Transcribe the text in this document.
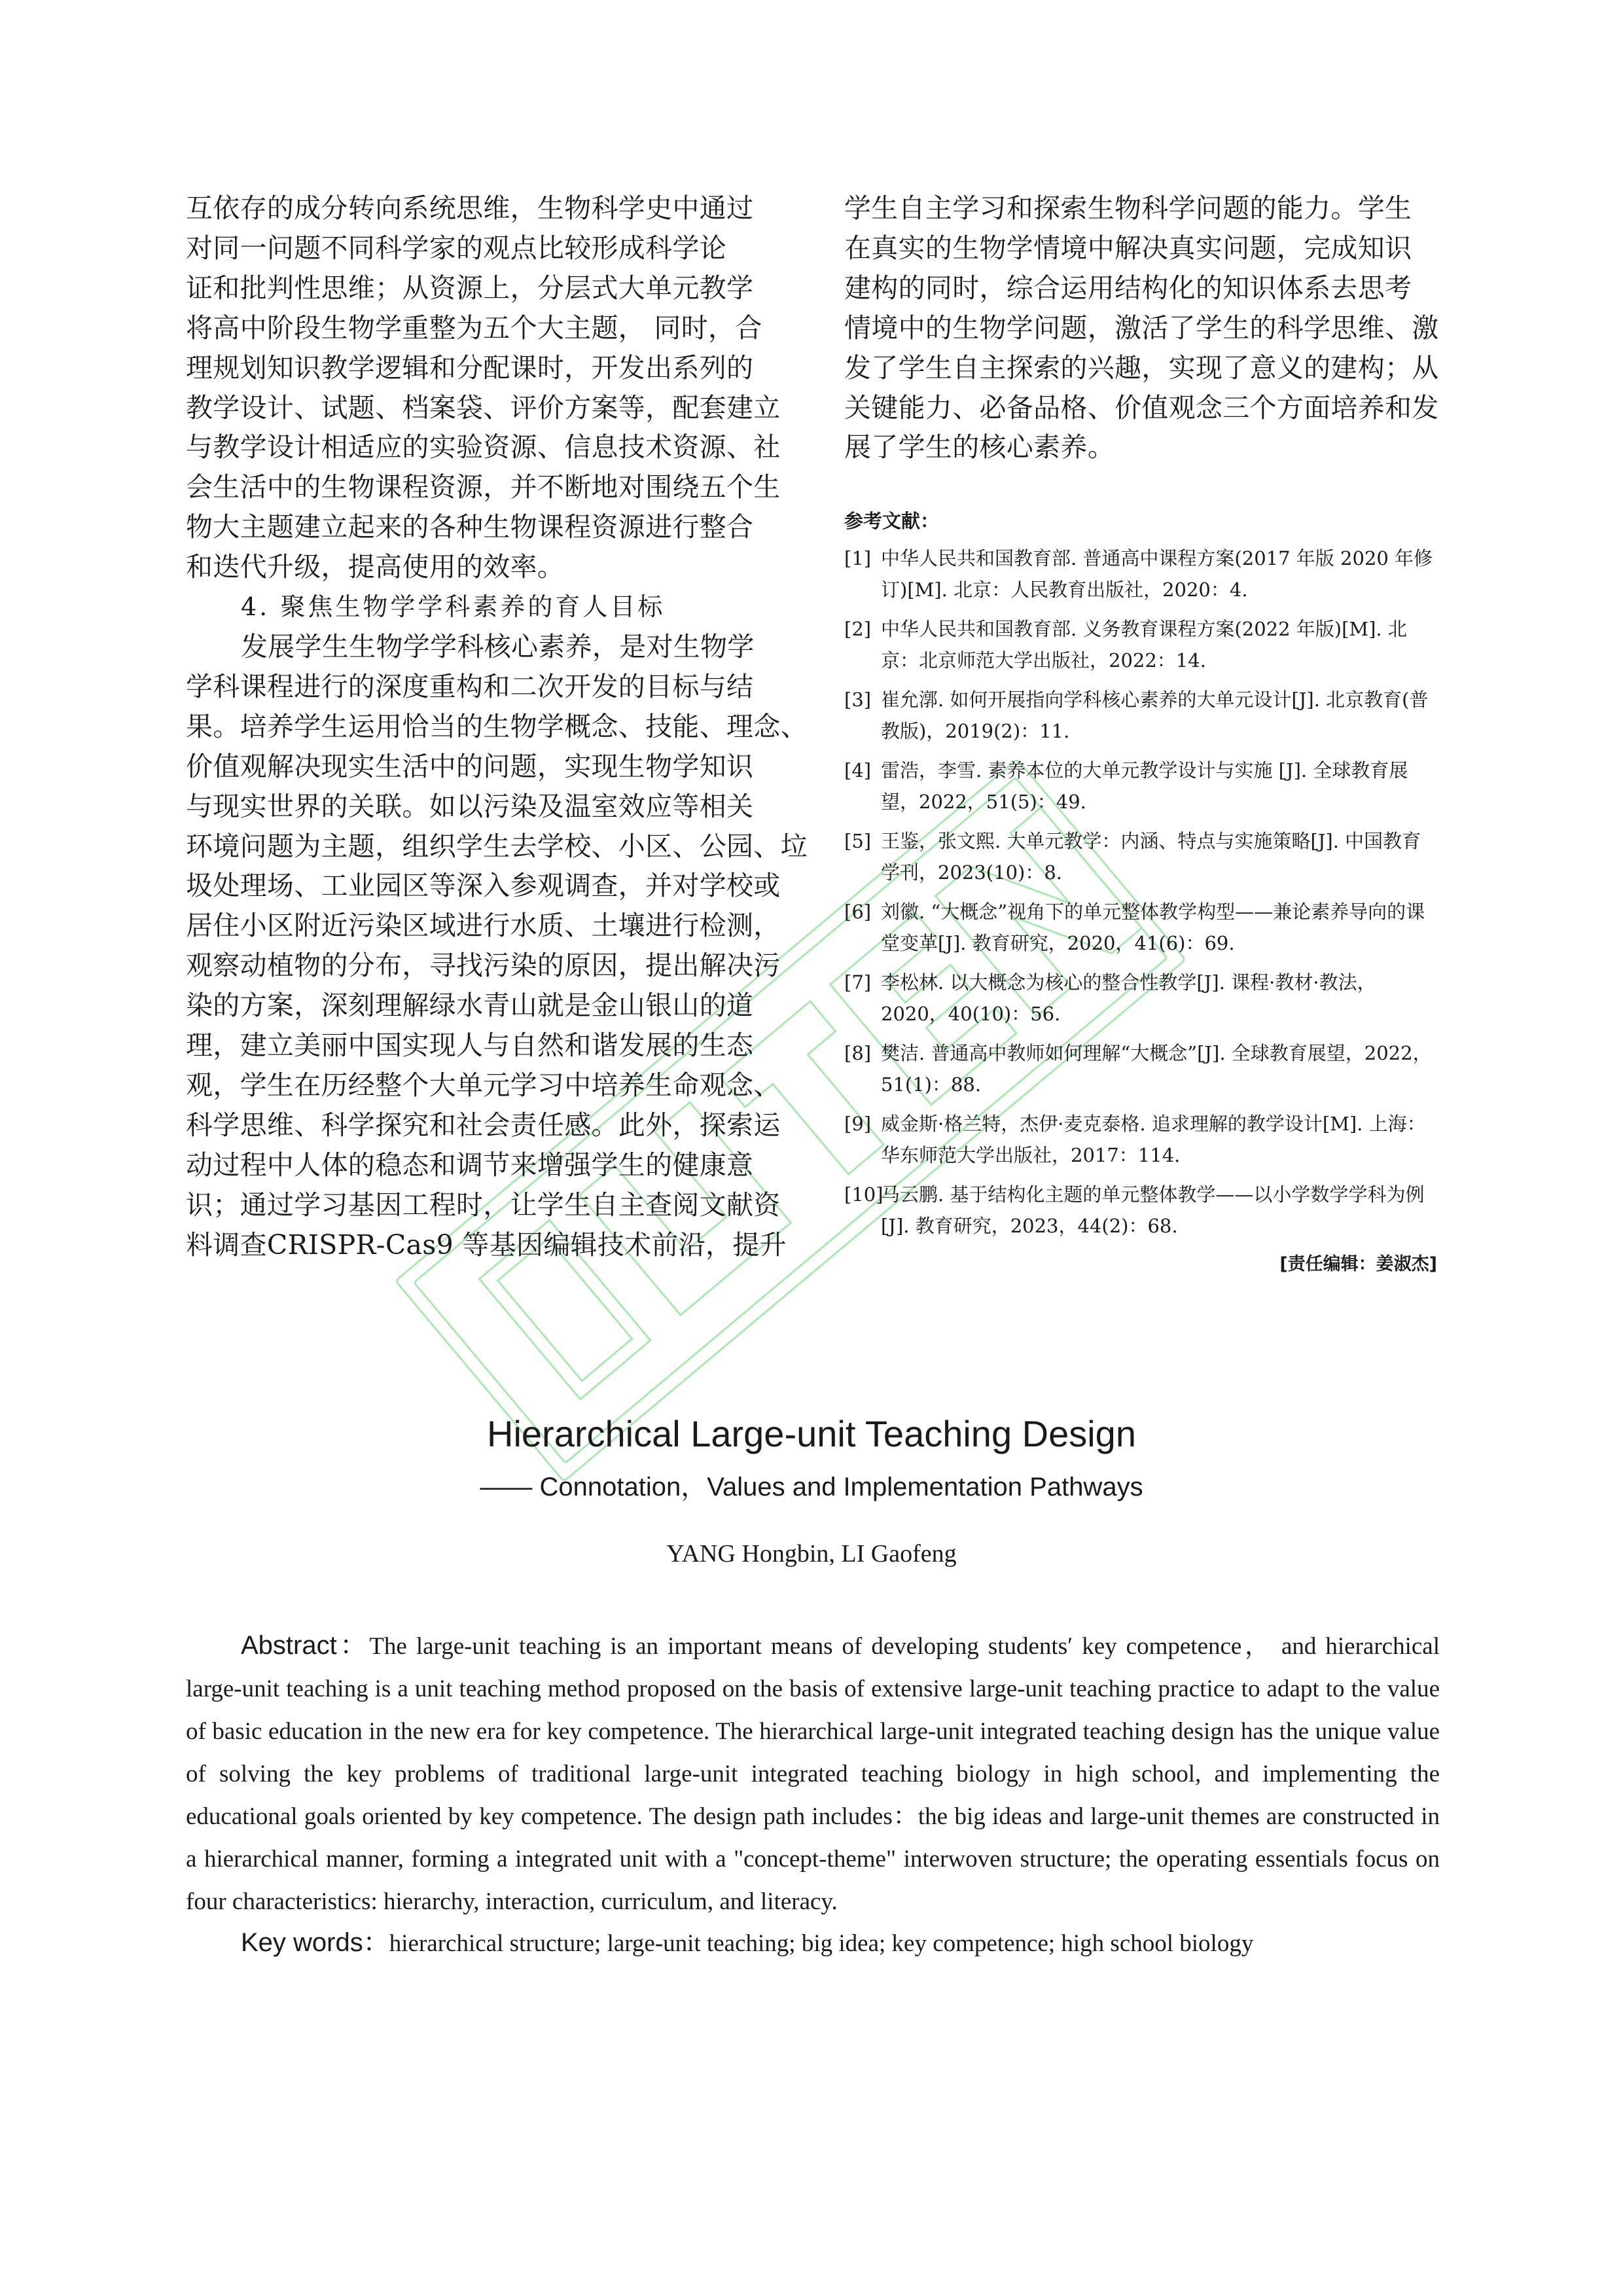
互依存的成分转向系统思维，生物科学史中通过
对同一问题不同科学家的观点比较形成科学论
证和批判性思维；从资源上，分层式大单元教学
将高中阶段生物学重整为五个大主题， 同时，合
理规划知识教学逻辑和分配课时，开发出系列的
教学设计、试题、档案袋、评价方案等，配套建立
与教学设计相适应的实验资源、信息技术资源、社
会生活中的生物课程资源，并不断地对围绕五个生
物大主题建立起来的各种生物课程资源进行整合
和迭代升级，提高使用的效率。
4. 聚焦生物学学科素养的育人目标
发展学生生物学学科核心素养，是对生物学
学科课程进行的深度重构和二次开发的目标与结
果。培养学生运用恰当的生物学概念、技能、理念、
价值观解决现实生活中的问题，实现生物学知识
与现实世界的关联。如以污染及温室效应等相关
环境问题为主题，组织学生去学校、小区、公园、垃
圾处理场、工业园区等深入参观调查，并对学校或
居住小区附近污染区域进行水质、土壤进行检测，
观察动植物的分布，寻找污染的原因，提出解决污
染的方案，深刻理解绿水青山就是金山银山的道
理，建立美丽中国实现人与自然和谐发展的生态
观，学生在历经整个大单元学习中培养生命观念、
科学思维、科学探究和社会责任感。此外，探索运
动过程中人体的稳态和调节来增强学生的健康意
识；通过学习基因工程时，让学生自主查阅文献资
料调查CRISPR-Cas9 等基因编辑技术前沿，提升
学生自主学习和探索生物科学问题的能力。学生
在真实的生物学情境中解决真实问题，完成知识
建构的同时，综合运用结构化的知识体系去思考
情境中的生物学问题，激活了学生的科学思维、激
发了学生自主探索的兴趣，实现了意义的建构；从
关键能力、必备品格、价值观念三个方面培养和发
展了学生的核心素养。
参考文献：
[1] 中华人民共和国教育部. 普通高中课程方案(2017 年版 2020 年修订)[M]. 北京：人民教育出版社，2020：4.
[2] 中华人民共和国教育部. 义务教育课程方案(2022 年版)[M]. 北京：北京师范大学出版社，2022：14.
[3] 崔允漷. 如何开展指向学科核心素养的大单元设计[J]. 北京教育(普教版)，2019(2)：11.
[4] 雷浩，李雪. 素养本位的大单元教学设计与实施 [J]. 全球教育展望，2022，51(5)：49.
[5] 王鉴，张文熙. 大单元教学：内涵、特点与实施策略[J]. 中国教育学刊，2023(10)：8.
[6] 刘徽. “大概念”视角下的单元整体教学构型——兼论素养导向的课堂变革[J]. 教育研究，2020，41(6)：69.
[7] 李松林. 以大概念为核心的整合性教学[J]. 课程·教材·教法，2020，40(10)：56.
[8] 樊洁. 普通高中教师如何理解“大概念”[J]. 全球教育展望，2022，51(1)：88.
[9] 威金斯·格兰特，杰伊·麦克泰格. 追求理解的教学设计[M]. 上海：华东师范大学出版社，2017：114.
[10]
马云鹏. 基于结构化主题的单元整体教学——以小学数学学科为例[J]. 教育研究，2023，44(2)：68.
[责任编辑：姜淑杰]
Hierarchical Large-unit Teaching Design
—— Connotation，Values and Implementation Pathways
YANG Hongbin, LI Gaofeng

Abstract：The large-unit teaching is an important means of developing students′ key competence， and hierarchical large-unit teaching is a unit teaching method proposed on the basis of extensive large-unit teaching practice to adapt to the value of basic education in the new era for key competence. The hierarchical large-unit integrated teaching design has the unique value of solving the key problems of traditional large-unit integrated teaching biology in high school, and implementing the educational goals oriented by key competence. The design path includes：the big ideas and large-unit themes are constructed in a hierarchical manner, forming a integrated unit with a "concept-theme" interwoven structure; the operating essentials focus on four characteristics: hierarchy, interaction, curriculum, and literacy.

Key words：hierarchical structure; large-unit teaching; big idea; key competence; high school biology
